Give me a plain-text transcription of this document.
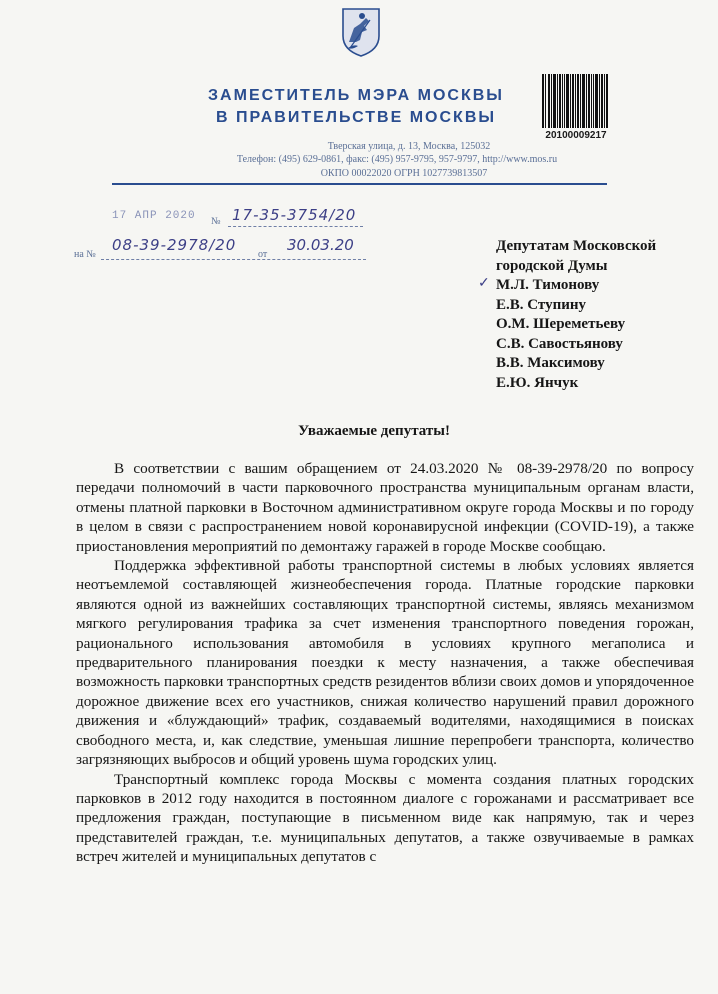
ЗАМЕСТИТЕЛЬ МЭРА МОСКВЫ
В ПРАВИТЕЛЬСТВЕ МОСКВЫ
Тверская улица, д. 13, Москва, 125032
Телефон: (495) 629-0861, факс: (495) 957-9795, 957-9797, http://www.mos.ru
ОКПО 00022020 ОГРН 1027739813507
20100009217
17 АПР 2020 № 17-35-3754/20
на №
08-39-2978/20
от
30.03.20
✓
Депутатам Московской
городской Думы
М.Л. Тимонову
Е.В. Ступину
О.М. Шереметьеву
С.В. Савостьянову
В.В. Максимову
Е.Ю. Янчук
Уважаемые депутаты!

В соответствии с вашим обращением от 24.03.2020 № 08-39-2978/20 по вопросу передачи полномочий в части парковочного пространства муниципальным органам власти, отмены платной парковки в Восточном административном округе города Москвы и по городу в целом в связи с распространением новой коронавирусной инфекции (COVID-19), а также приостановления мероприятий по демонтажу гаражей в городе Москве сообщаю.

Поддержка эффективной работы транспортной системы в любых условиях является неотъемлемой составляющей жизнеобеспечения города. Платные городские парковки являются одной из важнейших составляющих транспортной системы, являясь механизмом мягкого регулирования трафика за счет изменения транспортного поведения горожан, рационального использования автомобиля в условиях крупного мегаполиса и предварительного планирования поездки к месту назначения, а также обеспечивая возможность парковки транспортных средств резидентов вблизи своих домов и упорядоченное дорожное движение всех его участников, снижая количество нарушений правил дорожного движения и «блуждающий» трафик, создаваемый водителями, находящимися в поисках свободного места, и, как следствие, уменьшая лишние перепробеги транспорта, количество загрязняющих выбросов и общий уровень шума городских улиц.

Транспортный комплекс города Москвы с момента создания платных городских парковков в 2012 году находится в постоянном диалоге с горожанами и рассматривает все предложения граждан, поступающие в письменном виде как напрямую, так и через представителей граждан, т.е. муниципальных депутатов, а также озвучиваемые в рамках встреч жителей и муниципальных депутатов с
